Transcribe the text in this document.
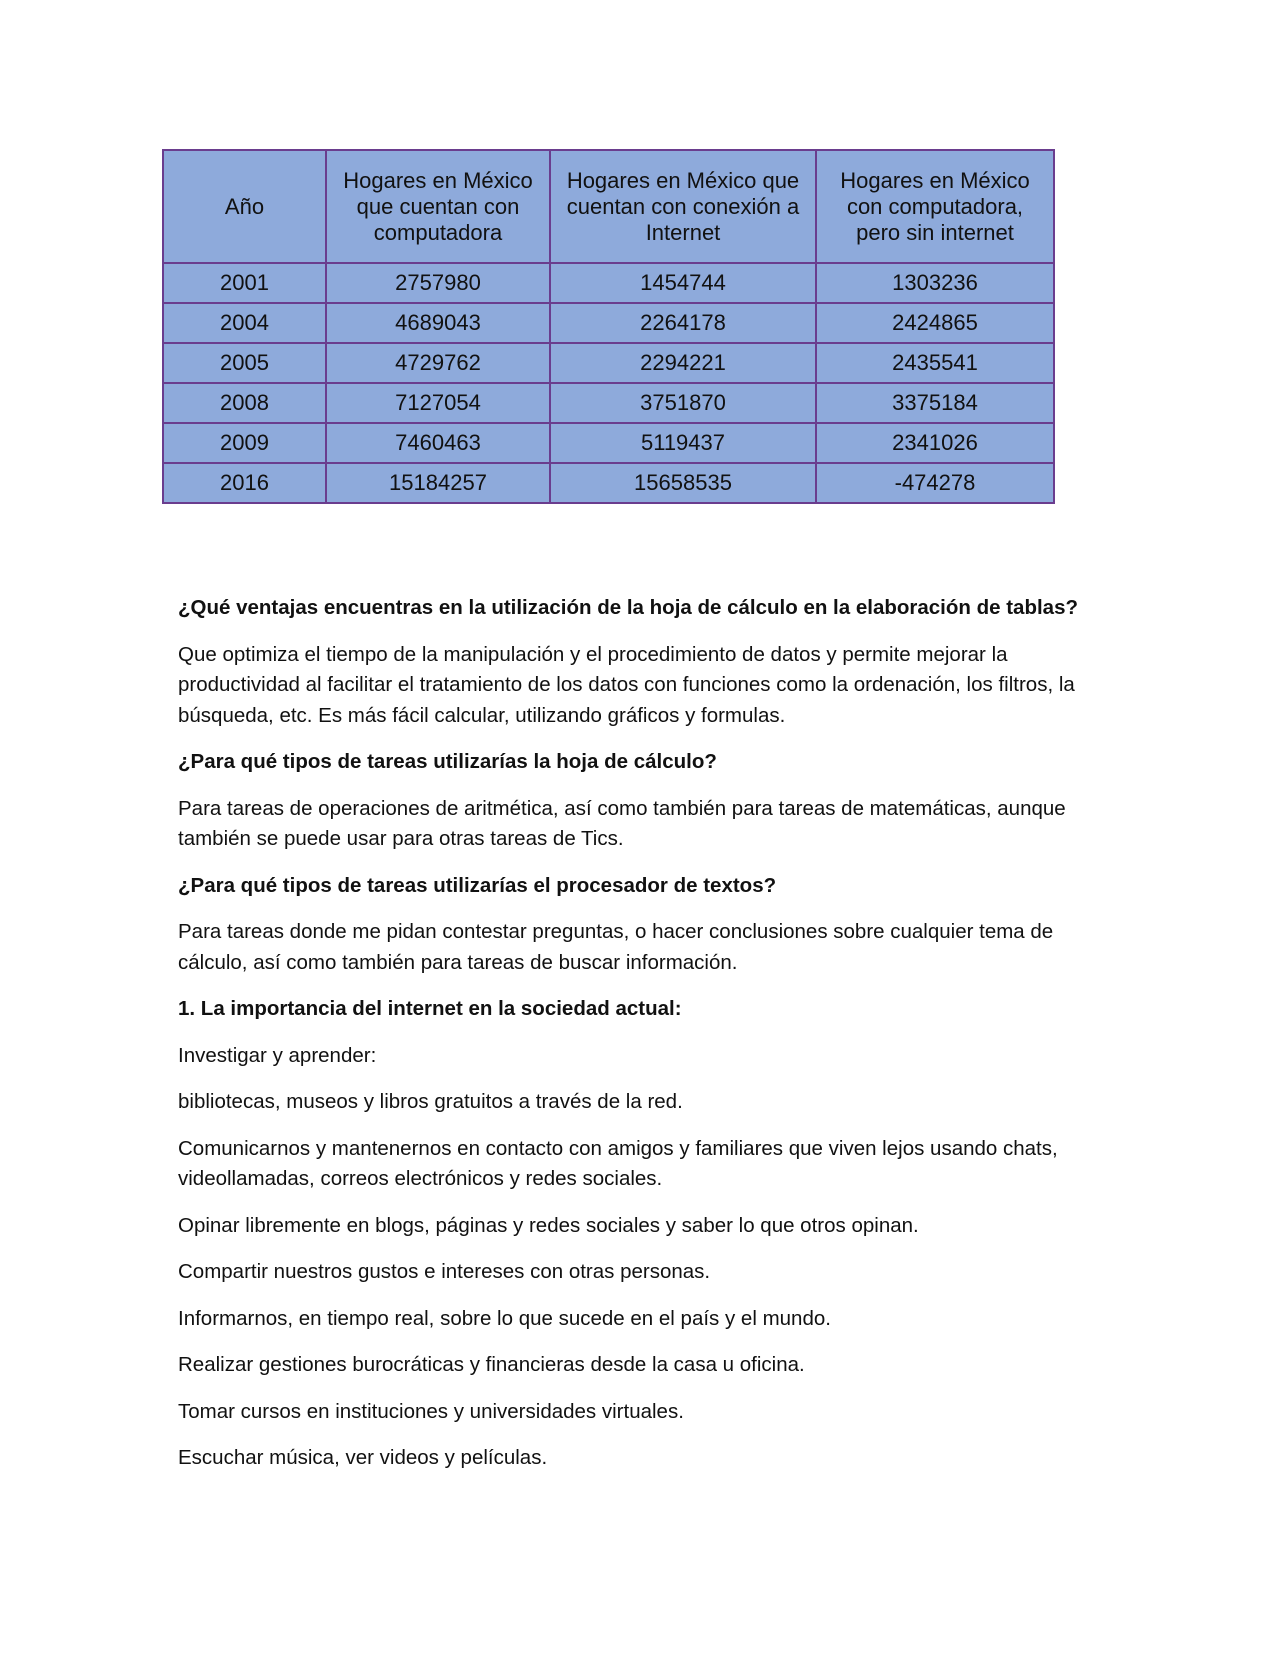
Año	Hogares en México que cuentan con computadora	Hogares en México que cuentan con conexión a Internet	Hogares en México con computadora, pero sin internet

2001	2757980	1454744	1303236
2004	4689043	2264178	2424865
2005	4729762	2294221	2435541
2008	7127054	3751870	3375184
2009	7460463	5119437	2341026
2016	15184257	15658535	-474278

¿Qué ventajas encuentras en la utilización de la hoja de cálculo en la elaboración de tablas?

Que optimiza el tiempo de la manipulación y el procedimiento de datos y permite mejorar la productividad al facilitar el tratamiento de los datos con funciones como la ordenación, los filtros, la búsqueda, etc. Es más fácil calcular, utilizando gráficos y formulas.

¿Para qué tipos de tareas utilizarías la hoja de cálculo?

Para tareas de operaciones de aritmética, así como también para tareas de matemáticas, aunque también se puede usar para otras tareas de Tics.

¿Para qué tipos de tareas utilizarías el procesador de textos?

Para tareas donde me pidan contestar preguntas, o hacer conclusiones sobre cualquier tema de cálculo, así como también para tareas de buscar información.

1. La importancia del internet en la sociedad actual:

Investigar y aprender:

bibliotecas, museos y libros gratuitos a través de la red.

Comunicarnos y mantenernos en contacto con amigos y familiares que viven lejos usando chats, videollamadas, correos electrónicos y redes sociales.

Opinar libremente en blogs, páginas y redes sociales y saber lo que otros opinan.

Compartir nuestros gustos e intereses con otras personas.

Informarnos, en tiempo real, sobre lo que sucede en el país y el mundo.

Realizar gestiones burocráticas y financieras desde la casa u oficina.

Tomar cursos en instituciones y universidades virtuales.

Escuchar música, ver videos y películas.
